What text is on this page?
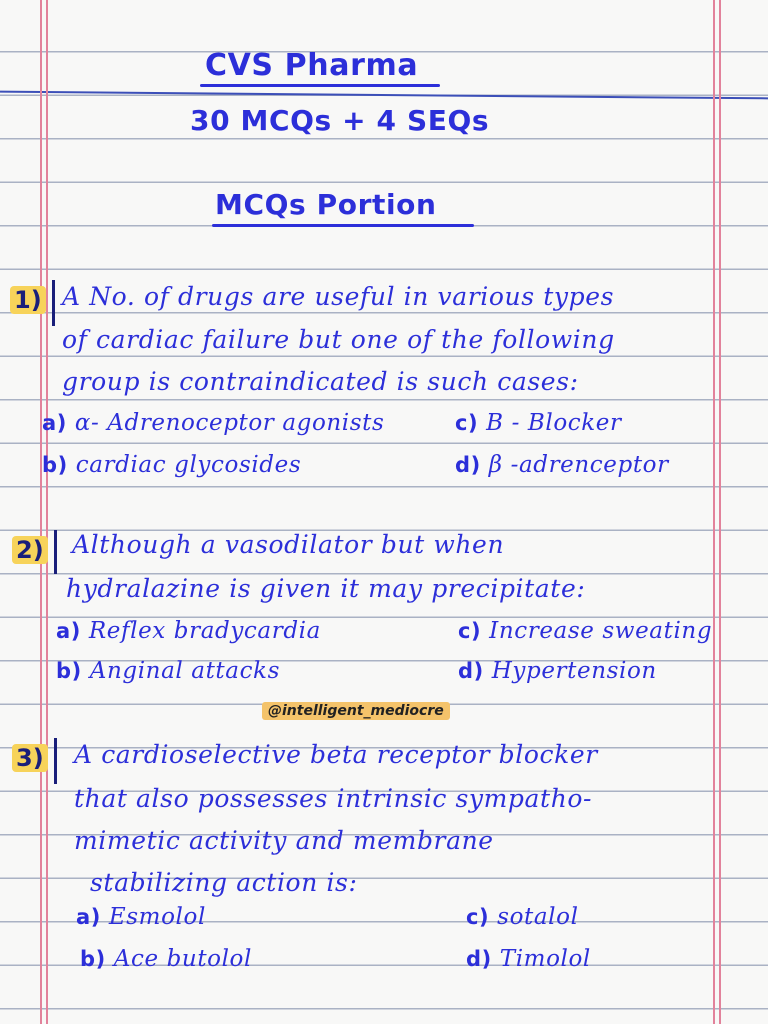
CVS Pharma
30 MCQs + 4 SEQs
MCQs Portion
1) A No. of drugs are useful in various types
of cardiac failure but one of the following
group is contraindicated is such cases:
a) α- Adrenoceptor agonists	c) B - Blocker
b) cardiac glycosides	d) β -adrenceptor
2) Although a vasodilator but when
hydralazine is given it may precipitate:
a) Reflex bradycardia	c) Increase sweating
b) Anginal attacks	d) Hypertension
@intelligent_mediocre
3) A cardioselective beta receptor blocker
that also possesses intrinsic sympatho-
mimetic activity and membrane
stabilizing action is:
a) Esmolol	c) sotalol
b) Ace butolol	d) Timolol
